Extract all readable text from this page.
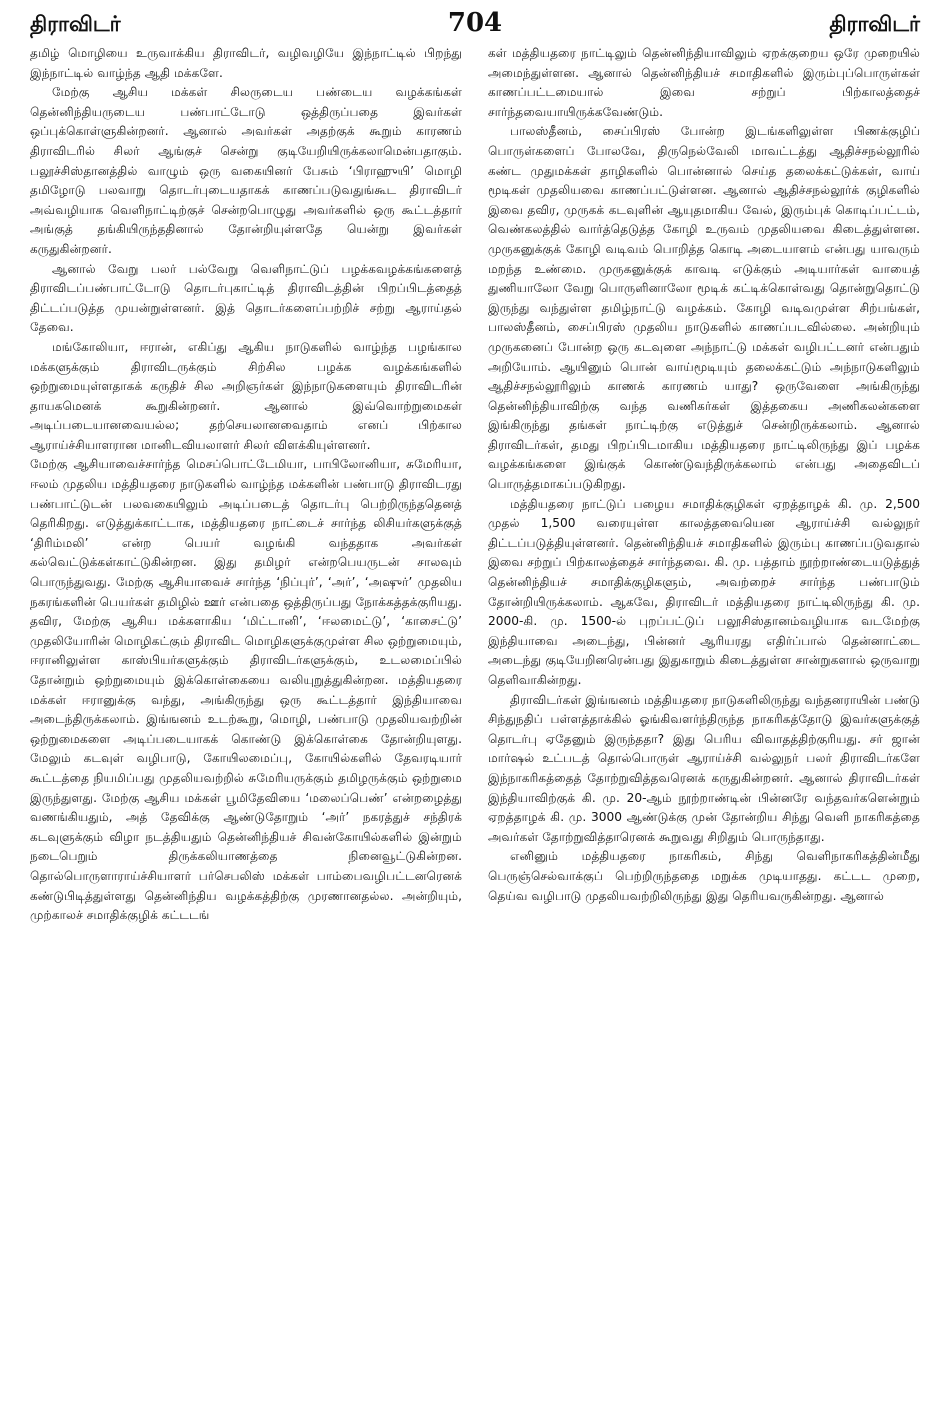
திராவிடர்	704	திராவிடர்

தமிழ் மொழியை உருவாக்கிய திராவிடர், வழிவழியே இந்நாட்டில் பிறந்து இந்நாட்டில் வாழ்ந்த ஆதி மக்களே.

மேற்கு ஆசிய மக்கள் சிலருடைய பண்டைய வழக்கங்கள் தென்னிந்தியருடைய பண்பாட்டோடு ஒத்திருப்பதை இவர்கள் ஒப்புக்கொள்ளுகின்றனர். ஆனால் அவர்கள் அதற்குக் கூறும் காரணம் திராவிடரில் சிலர் ஆங்குச் சென்று குடியேறியிருக்கலாமென்பதாகும். பலூச்சிஸ்தானத்தில் வாழும் ஒரு வகையினர் பேசும் ‘பிராஹுயி’ மொழி தமிழோடு பலவாறு தொடர்புடையதாகக் காணப்படுவதுங்கூட திராவிடர் அவ்வழியாக வெளிநாட்டிற்குச் சென்றபொழுது அவர்களில் ஒரு கூட்டத்தார் அங்குத் தங்கியிருந்ததினால் தோன்றியுள்ளதே யென்று இவர்கள் கருதுகின்றனர்.

ஆனால் வேறு பலர் பல்வேறு வெளிநாட்டுப் பழக்கவழக்கங்களைத் திராவிடப்பண்பாட்டோடு தொடர்புகாட்டித் திராவிடத்தின் பிறப்பிடத்தைத் திட்டப்படுத்த முயன்றுள்ளனர். இத் தொடர்களைப்பற்றிச் சற்று ஆராய்தல் தேவை.

மங்கோலியா, ஈரான், எகிப்து ஆகிய நாடுகளில் வாழ்ந்த பழங்கால மக்களுக்கும் திராவிடருக்கும் சிற்சில பழக்க வழக்கங்களில் ஒற்றுமையுள்ளதாகக் கருதிச் சில அறிஞர்கள் இந்நாடுகளையும் திராவிடரின் தாயகமெனக் கூறுகின்றனர். ஆனால் இவ்வொற்றுமைகள் அடிப்படையானவையல்ல; தற்செயலானவைதாம் எனப் பிற்கால ஆராய்ச்சியாளரான மானிடவியலாளர் சிலர் விளக்கியுள்ளனர்.

மேற்கு ஆசியாவைச்சார்ந்த மெசப்பொட்டேமியா, பாபிலோனியா, சுமேரியா, ஈலம் முதலிய மத்தியதரை நாடுகளில் வாழ்ந்த மக்களின் பண்பாடு திராவிடரது பண்பாட்டுடன் பலவகையிலும் அடிப்படைத் தொடர்பு பெற்றிருந்ததெனத் தெரிகிறது. எடுத்துக்காட்டாக, மத்தியதரை நாட்டைச் சார்ந்த லிசியர்களுக்குத் ‘திரிம்மலி’ என்ற பெயர் வழங்கி வந்ததாக அவர்கள் கல்வெட்டுக்கள்காட்டுகின்றன. இது தமிழர் என்றபெயருடன் சாலவும் பொருந்துவது. மேற்கு ஆசியாவைச் சார்ந்த ‘நிப்புர்’, ‘அர்’, ‘அஷுர்’ முதலிய நகரங்களின் பெயர்கள் தமிழில் ஊர் என்பதை ஒத்திருப்பது நோக்கத்தக்குரியது. தவிர, மேற்கு ஆசிய மக்களாகிய ‘மிட்டானி’, ‘ஈலமைட்டு’, ‘காசைட்டு’ முதலியோரின் மொழிகட்கும் திராவிட மொழிகளுக்குமுள்ள சில ஒற்றுமையும், ஈரானிலுள்ள காஸ்பியர்களுக்கும் திராவிடர்களுக்கும், உடலமைப்பில் தோன்றும் ஒற்றுமையும் இக்கொள்கையை வலியுறுத்துகின்றன. மத்தியதரை மக்கள் ஈரானுக்கு வந்து, அங்கிருந்து ஒரு கூட்டத்தார் இந்தியாவை அடைந்திருக்கலாம். இங்ஙனம் உடற்கூறு, மொழி, பண்பாடு முதலியவற்றின் ஒற்றுமைகளை அடிப்படையாகக் கொண்டு இக்கொள்கை தோன்றியுளது. மேலும் கடவுள் வழிபாடு, கோயிலமைப்பு, கோயில்களில் தேவரடியார் கூட்டத்தை நியமிப்பது முதலியவற்றில் சுமேரியருக்கும் தமிழருக்கும் ஒற்றுமை இருந்துளது. மேற்கு ஆசிய மக்கள் பூமிதேவியை ‘மலைப்பெண்’ என்றழைத்து வணங்கியதும், அத் தேவிக்கு ஆண்டுதோறும் ‘அர்’ நகரத்துச் சந்திரக் கடவுளுக்கும் விழா நடத்தியதும் தென்னிந்தியச் சிவன்கோயில்களில் இன்றும் நடைபெறும் திருக்கலியாணத்தை நினைவூட்டுகின்றன. தொல்பொருளாராய்ச்சியாளர் பர்செபலிஸ் மக்கள் பாம்பைவழிபட்டனரெனக் கண்டுபிடித்துள்ளது தென்னிந்திய வழக்கத்திற்கு முரணானதல்ல. அன்றியும், முற்காலச் சமாதிக்குழிக் கட்டடங்

கள் மத்தியதரை நாட்டிலும் தென்னிந்தியாவிலும் ஏறக்குறைய ஒரே முறையில் அமைந்துள்ளன. ஆனால் தென்னிந்தியச் சமாதிகளில் இரும்புப்பொருள்கள் காணப்பட்டமையால் இவை சற்றுப் பிற்காலத்தைச் சார்ந்தவையாயிருக்கவேண்டும்.

பாலஸ்தீனம், சைப்பிரஸ் போன்ற இடங்களிலுள்ள பிணக்குழிப் பொருள்களைப் போலவே, திருநெல்வேலி மாவட்டத்து ஆதிச்சநல்லூரில் கண்ட முதுமக்கள் தாழிகளில் பொன்னால் செய்த தலைக்கட்டுக்கள், வாய் மூடிகள் முதலியவை காணப்பட்டுள்ளன. ஆனால் ஆதிச்சநல்லூர்க் குழிகளில் இவை தவிர, முருகக் கடவுளின் ஆயுதமாகிய வேல், இரும்புக் கொடிப்பட்டம், வெண்கலத்தில் வார்த்தெடுத்த கோழி உருவம் முதலியவை கிடைத்துள்ளன. முருகனுக்குக் கோழி வடிவம் பொறித்த கொடி அடையாளம் என்பது யாவரும் மறந்த உண்மை. முருகனுக்குக் காவடி எடுக்கும் அடியார்கள் வாயைத் துணியாலோ வேறு பொருளினாலோ மூடிக் கட்டிக்கொள்வது தொன்றுதொட்டு இருந்து வந்துள்ள தமிழ்நாட்டு வழக்கம். கோழி வடிவமுள்ள சிற்பங்கள், பாலஸ்தீனம், சைப்பிரஸ் முதலிய நாடுகளில் காணப்படவில்லை. அன்றியும் முருகனைப் போன்ற ஒரு கடவுளை அந்நாட்டு மக்கள் வழிபட்டனர் என்பதும் அறியோம். ஆயினும் பொன் வாய்மூடியும் தலைக்கட்டும் அந்நாடுகளிலும் ஆதிச்சநல்லூரிலும் காணக் காரணம் யாது? ஒருவேளை அங்கிருந்து தென்னிந்தியாவிற்கு வந்த வணிகர்கள் இத்தகைய அணிகலன்களை இங்கிருந்து தங்கள் நாட்டிற்கு எடுத்துச் சென்றிருக்கலாம். ஆனால் திராவிடர்கள், தமது பிறப்பிடமாகிய மத்தியதரை நாட்டிலிருந்து இப் பழக்க வழக்கங்களை இங்குக் கொண்டுவந்திருக்கலாம் என்பது அதைவிடப் பொருத்தமாகப்படுகிறது.

மத்தியதரை நாட்டுப் பழைய சமாதிக்குழிகள் ஏறத்தாழக் கி. மு. 2,500 முதல் 1,500 வரையுள்ள காலத்தவையென ஆராய்ச்சி வல்லுநர் திட்டப்படுத்தியுள்ளனர். தென்னிந்தியச் சமாதிகளில் இரும்பு காணப்படுவதால் இவை சற்றுப் பிற்காலத்தைச் சார்ந்தவை. கி. மு. பத்தாம் நூற்றாண்டையடுத்துத் தென்னிந்தியச் சமாதிக்குழிகளும், அவற்றைச் சார்ந்த பண்பாடும் தோன்றியிருக்கலாம். ஆகவே, திராவிடர் மத்தியதரை நாட்டிலிருந்து கி. மு. 2000-கி. மு. 1500-ல் புறப்பட்டுப் பலூசிஸ்தானம்வழியாக வடமேற்கு இந்தியாவை அடைந்து, பின்னர் ஆரியரது எதிர்ப்பால் தென்னாட்டை அடைந்து குடியேறினரென்பது இதுகாறும் கிடைத்துள்ள சான்றுகளால் ஒருவாறு தெளிவாகின்றது.

திராவிடர்கள் இங்ஙனம் மத்தியதரை நாடுகளிலிருந்து வந்தனராயின் பண்டு சிந்துநதிப் பள்ளத்தாக்கில் ஓங்கிவளர்ந்திருந்த நாகரிகத்தோடு இவர்களுக்குத் தொடர்பு ஏதேனும் இருந்ததா? இது பெரிய விவாதத்திற்குரியது. சர் ஜான் மார்ஷல் உட்படத் தொல்பொருள் ஆராய்ச்சி வல்லுநர் பலர் திராவிடர்களே இந்நாகரிகத்தைத் தோற்றுவித்தவரெனக் கருதுகின்றனர். ஆனால் திராவிடர்கள் இந்தியாவிற்குக் கி. மு. 20-ஆம் நூற்றாண்டின் பின்னரே வந்தவர்களென்றும் ஏறத்தாழக் கி. மு. 3000 ஆண்டுக்கு முன் தோன்றிய சிந்து வெளி நாகரிகத்தை அவர்கள் தோற்றுவித்தாரெனக் கூறுவது சிறிதும் பொருந்தாது.

எனினும் மத்தியதரை நாகரிகம், சிந்து வெளிநாகரிகத்தின்மீது பெருஞ்செல்வாக்குப் பெற்றிருந்ததை மறுக்க முடியாதது. கட்டட முறை, தெய்வ வழிபாடு முதலியவற்றிலிருந்து இது தெரியவருகின்றது. ஆனால்
